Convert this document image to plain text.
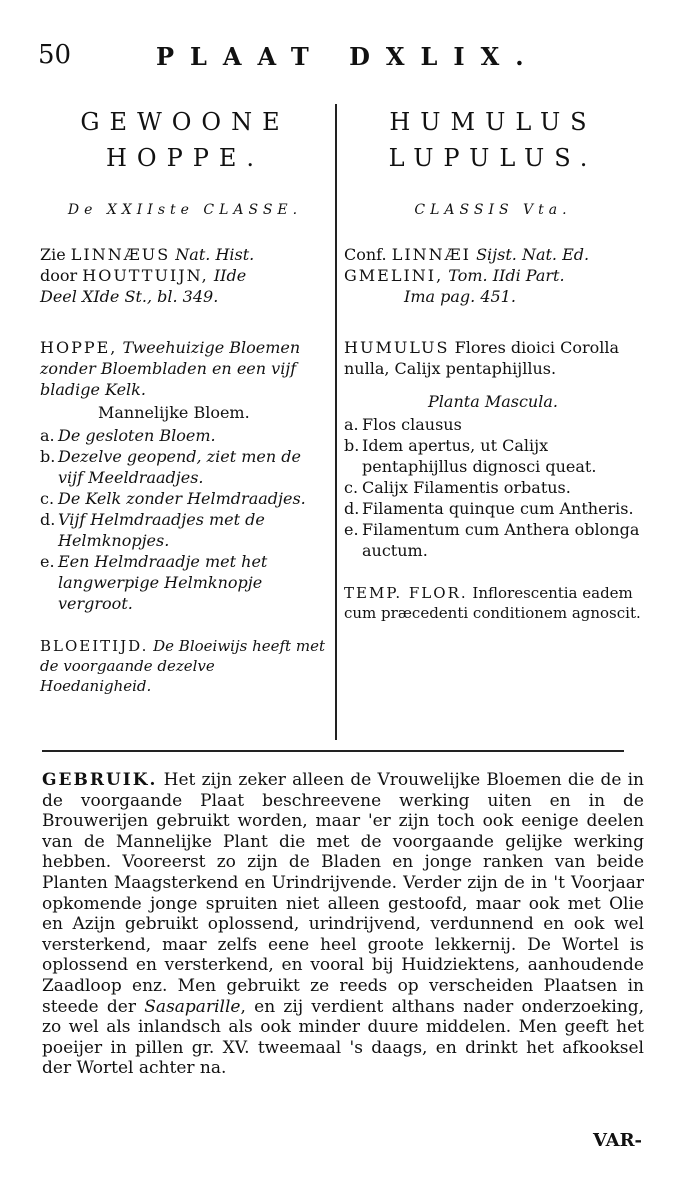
50	PLAAT DXLIX.
GEWOONE
HOPPE.
De XXIIste CLASSE.
Zie LINNÆUS Nat. Hist.
door HOUTTUIJN, IIde
Deel XIde St., bl. 349.
HOPPE, Tweehuizige Bloemen zonder Bloembladen en een vijf bladige Kelk.
Mannelijke Bloem.
a. De gesloten Bloem.
b. Dezelve geopend, ziet men de vijf Meeldraadjes.
c. De Kelk zonder Helmdraadjes.
d. Vijf Helmdraadjes met de Helmknopjes.
e. Een Helmdraadje met het langwerpige Helmknopje vergroot.
BLOEITIJD. De Bloeiwijs heeft met de voorgaande dezelve Hoedanigheid.
HUMULUS
LUPULUS.
CLASSIS Vta.
Conf. LINNÆI Sijst. Nat. Ed.
GMELINI, Tom. IIdi Part.
Ima pag. 451.
HUMULUS Flores dioici Corolla nulla, Calijx pentaphijllus.
Planta Mascula.
a. Flos clausus
b. Idem apertus, ut Calijx pentaphijllus dignosci queat.
c. Calijx Filamentis orbatus.
d. Filamenta quinque cum Antheris.
e. Filamentum cum Anthera oblonga auctum.
TEMP. FLOR. Inflorescentia eadem cum præcedenti conditionem agnoscit.
GEBRUIK. Het zijn zeker alleen de Vrouwelijke Bloemen die de in de voorgaande Plaat beschreevene werking uiten en in de Brouwerijen gebruikt worden, maar 'er zijn toch ook eenige deelen van de Mannelijke Plant die met de voorgaande gelijke werking hebben. Vooreerst zo zijn de Bladen en jonge ranken van beide Planten Maagsterkend en Urindrijvende. Verder zijn de in 't Voorjaar opkomende jonge spruiten niet alleen gestoofd, maar ook met Olie en Azijn gebruikt oplossend, urindrijvend, verdunnend en ook wel versterkend, maar zelfs eene heel groote lekkernij. De Wortel is oplossend en versterkend, en vooral bij Huidziektens, aanhoudende Zaadloop enz. Men gebruikt ze reeds op verscheiden Plaatsen in steede der Sasaparille, en zij verdient althans nader onderzoeking, zo wel als inlandsch als ook minder duure middelen. Men geeft het poeijer in pillen gr. XV. tweemaal 's daags, en drinkt het afkooksel der Wortel achter na.
VAR-
